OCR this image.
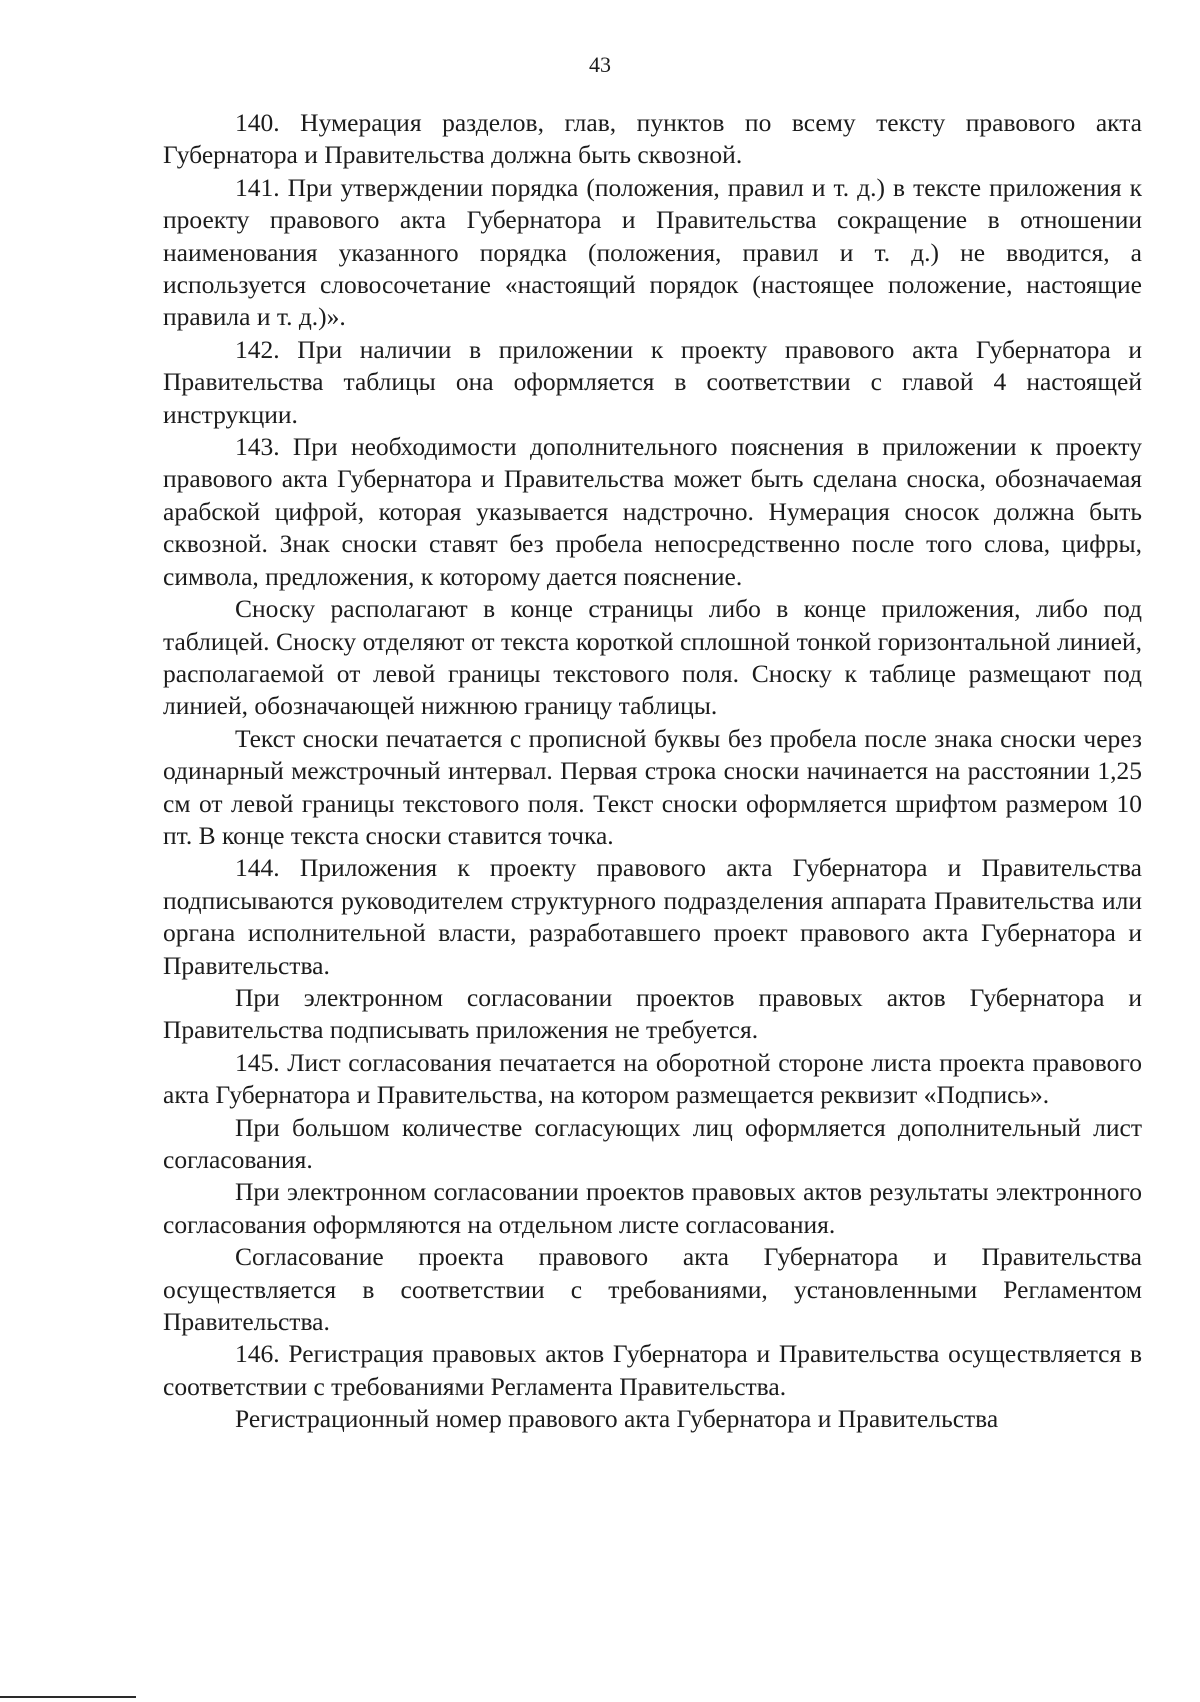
43

140. Нумерация разделов, глав, пунктов по всему тексту правового акта Губернатора и Правительства должна быть сквозной.

141. При утверждении порядка (положения, правил и т. д.) в тексте приложения к проекту правового акта Губернатора и Правительства сокращение в отношении наименования указанного порядка (положения, правил и т. д.) не вводится, а используется словосочетание «настоящий порядок (настоящее положение, настоящие правила и т. д.)».

142. При наличии в приложении к проекту правового акта Губернатора и Правительства таблицы она оформляется в соответствии с главой 4 настоящей инструкции.

143. При необходимости дополнительного пояснения в приложении к проекту правового акта Губернатора и Правительства может быть сделана сноска, обозначаемая арабской цифрой, которая указывается надстрочно. Нумерация сносок должна быть сквозной. Знак сноски ставят без пробела непосредственно после того слова, цифры, символа, предложения, к которому дается пояснение.

Сноску располагают в конце страницы либо в конце приложения, либо под таблицей. Сноску отделяют от текста короткой сплошной тонкой горизонтальной линией, располагаемой от левой границы текстового поля. Сноску к таблице размещают под линией, обозначающей нижнюю границу таблицы.

Текст сноски печатается с прописной буквы без пробела после знака сноски через одинарный межстрочный интервал. Первая строка сноски начинается на расстоянии 1,25 см от левой границы текстового поля. Текст сноски оформляется шрифтом размером 10 пт. В конце текста сноски ставится точка.

144. Приложения к проекту правового акта Губернатора и Правительства подписываются руководителем структурного подразделения аппарата Правительства или органа исполнительной власти, разработавшего проект правового акта Губернатора и Правительства.

При электронном согласовании проектов правовых актов Губернатора и Правительства подписывать приложения не требуется.

145. Лист согласования печатается на оборотной стороне листа проекта правового акта Губернатора и Правительства, на котором размещается реквизит «Подпись».

При большом количестве согласующих лиц оформляется дополнительный лист согласования.

При электронном согласовании проектов правовых актов результаты электронного согласования оформляются на отдельном листе согласования.

Согласование проекта правового акта Губернатора и Правительства осуществляется в соответствии с требованиями, установленными Регламентом Правительства.

146. Регистрация правовых актов Губернатора и Правительства осуществляется в соответствии с требованиями Регламента Правительства.

Регистрационный номер правового акта Губернатора и Правительства
